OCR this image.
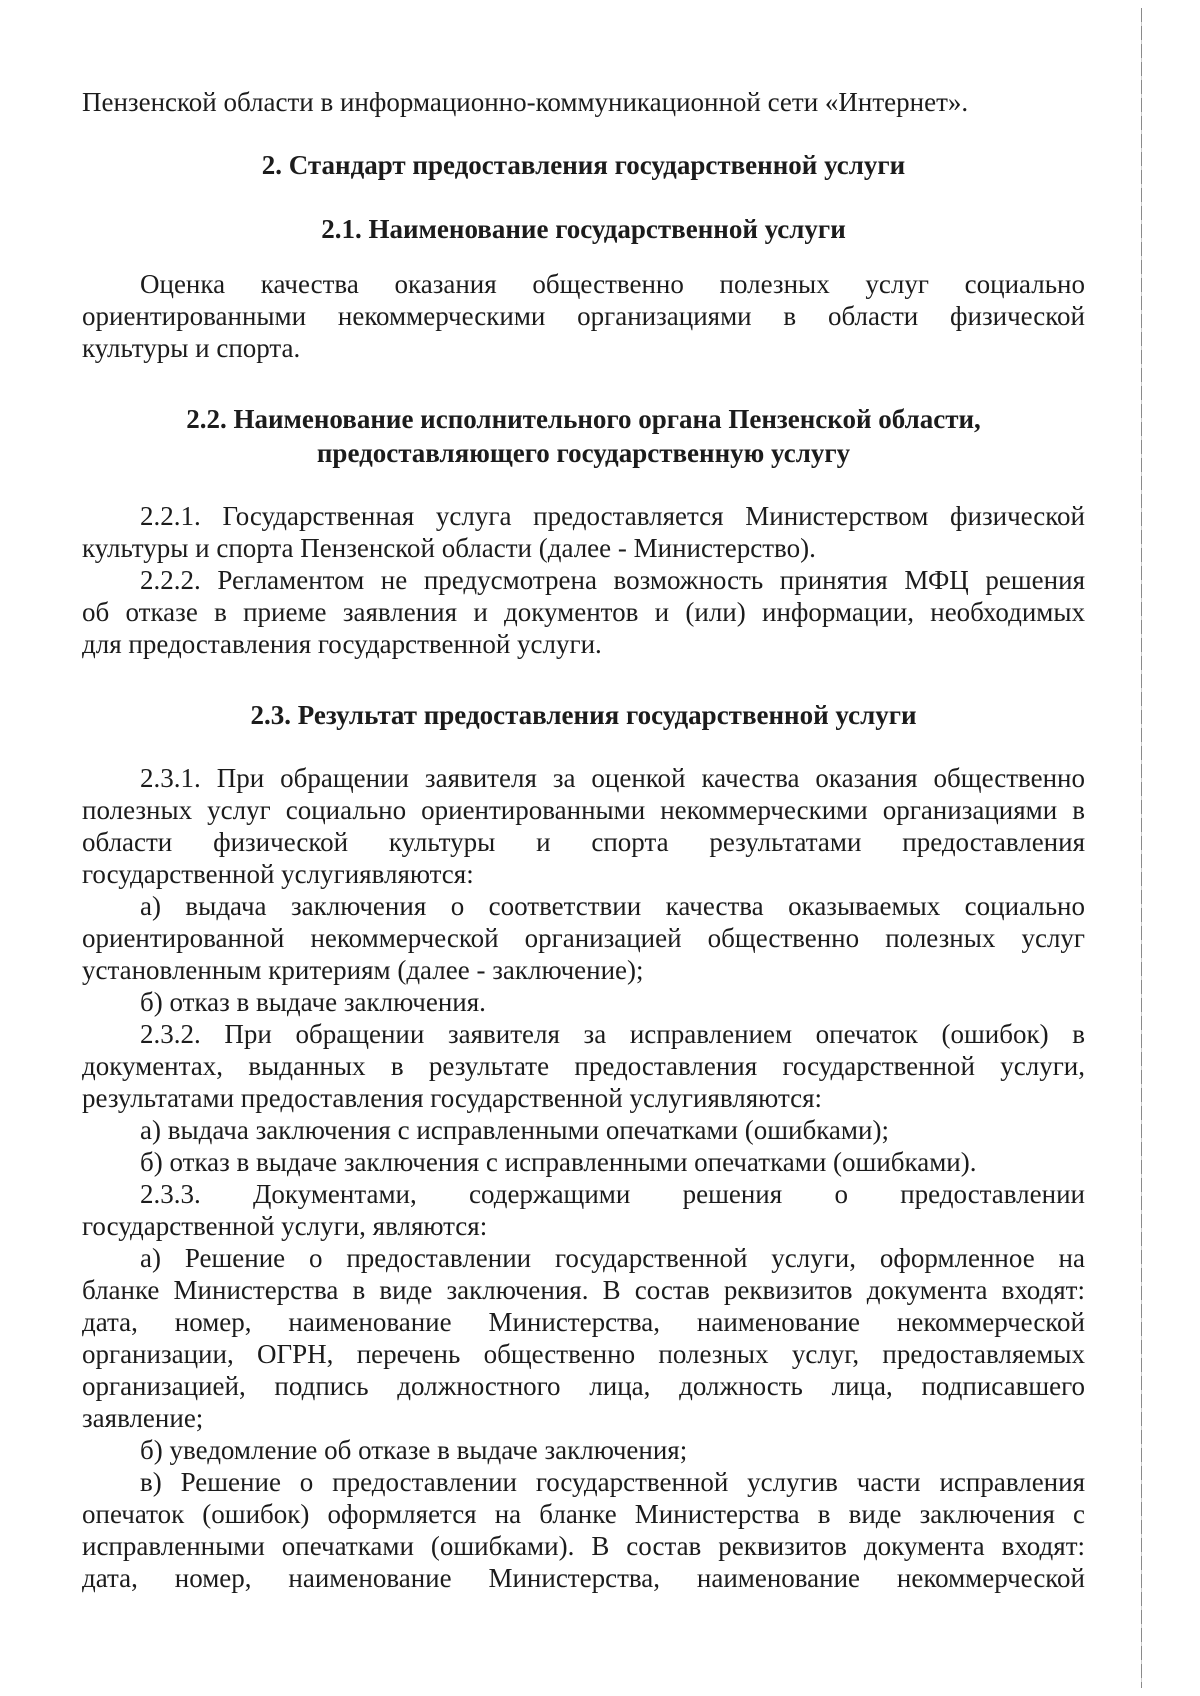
Пензенской области в информационно-коммуникационной сети «Интернет».
2. Стандарт предоставления государственной услуги
2.1. Наименование государственной услуги
Оценка качества оказания общественно полезных услуг социально
ориентированными некоммерческими организациями в области физической
культуры и спорта.
2.2. Наименование исполнительного органа Пензенской области,
предоставляющего государственную услугу
2.2.1. Государственная услуга предоставляется Министерством физической
культуры и спорта Пензенской области (далее - Министерство).
2.2.2. Регламентом не предусмотрена возможность принятия МФЦ решения
об отказе в приеме заявления и документов и (или) информации, необходимых
для предоставления государственной услуги.
2.3. Результат предоставления государственной услуги
2.3.1. При обращении заявителя за оценкой качества оказания общественно
полезных услуг социально ориентированными некоммерческими организациями в
области физической культуры и спорта результатами предоставления
государственной услугиявляются:
а) выдача заключения о соответствии качества оказываемых социально
ориентированной некоммерческой организацией общественно полезных услуг
установленным критериям (далее - заключение);
б) отказ в выдаче заключения.
2.3.2. При обращении заявителя за исправлением опечаток (ошибок) в
документах, выданных в результате предоставления государственной услуги,
результатами предоставления государственной услугиявляются:
а) выдача заключения с исправленными опечатками (ошибками);
б) отказ в выдаче заключения с исправленными опечатками (ошибками).
2.3.3. Документами, содержащими решения о предоставлении
государственной услуги, являются:
а) Решение о предоставлении государственной услуги, оформленное на
бланке Министерства в виде заключения. В состав реквизитов документа входят:
дата, номер, наименование Министерства, наименование некоммерческой
организации, ОГРН, перечень общественно полезных услуг, предоставляемых
организацией, подпись должностного лица, должность лица, подписавшего
заявление;
б) уведомление об отказе в выдаче заключения;
в) Решение о предоставлении государственной услугив части исправления
опечаток (ошибок) оформляется на бланке Министерства в виде заключения с
исправленными опечатками (ошибками). В состав реквизитов документа входят:
дата, номер, наименование Министерства, наименование некоммерческой
